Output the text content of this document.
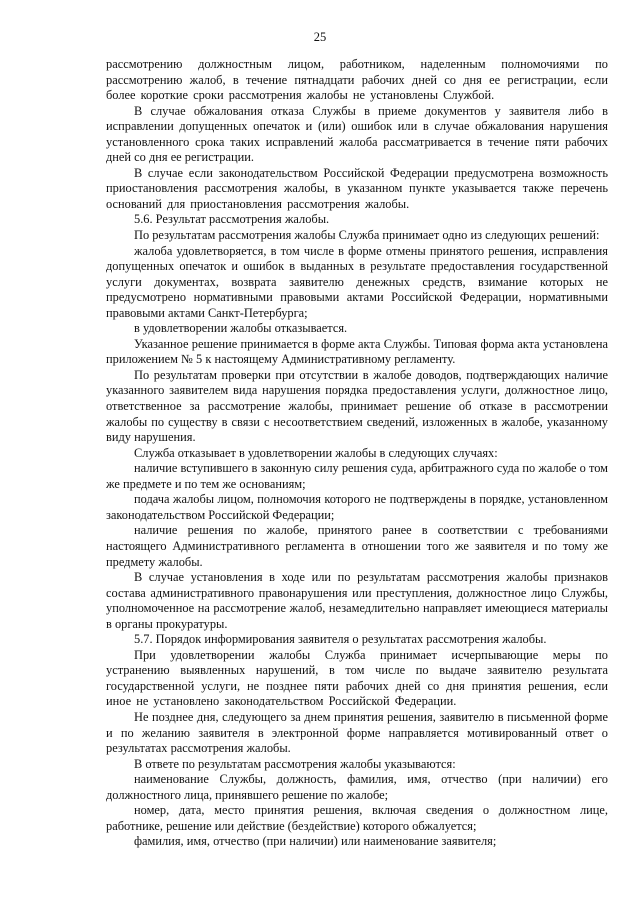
25

рассмотрению должностным лицом, работником, наделенным полномочиями по рассмотрению жалоб, в течение пятнадцати рабочих дней со дня ее регистрации, если более короткие сроки рассмотрения жалобы не установлены Службой.

В случае обжалования отказа Службы в приеме документов у заявителя либо в исправлении допущенных опечаток и (или) ошибок или в случае обжалования нарушения установленного срока таких исправлений жалоба рассматривается в течение пяти рабочих дней со дня ее регистрации.

В случае если законодательством Российской Федерации предусмотрена возможность приостановления рассмотрения жалобы, в указанном пункте указывается также перечень оснований для приостановления рассмотрения жалобы.

5.6. Результат рассмотрения жалобы.

По результатам рассмотрения жалобы Служба принимает одно из следующих решений:

жалоба удовлетворяется, в том числе в форме отмены принятого решения, исправления допущенных опечаток и ошибок в выданных в результате предоставления государственной услуги документах, возврата заявителю денежных средств, взимание которых не предусмотрено нормативными правовыми актами Российской Федерации, нормативными правовыми актами Санкт-Петербурга;

в удовлетворении жалобы отказывается.

Указанное решение принимается в форме акта Службы. Типовая форма акта установлена приложением № 5 к настоящему Административному регламенту.

По результатам проверки при отсутствии в жалобе доводов, подтверждающих наличие указанного заявителем вида нарушения порядка предоставления услуги, должностное лицо, ответственное за рассмотрение жалобы, принимает решение об отказе в рассмотрении жалобы по существу в связи с несоответствием сведений, изложенных в жалобе, указанному виду нарушения.

Служба отказывает в удовлетворении жалобы в следующих случаях:

наличие вступившего в законную силу решения суда, арбитражного суда по жалобе о том же предмете и по тем же основаниям;

подача жалобы лицом, полномочия которого не подтверждены в порядке, установленном законодательством Российской Федерации;

наличие решения по жалобе, принятого ранее в соответствии с требованиями настоящего Административного регламента в отношении того же заявителя и по тому же предмету жалобы.

В случае установления в ходе или по результатам рассмотрения жалобы признаков состава административного правонарушения или преступления, должностное лицо Службы, уполномоченное на рассмотрение жалоб, незамедлительно направляет имеющиеся материалы в органы прокуратуры.

5.7. Порядок информирования заявителя о результатах рассмотрения жалобы.

При удовлетворении жалобы Служба принимает исчерпывающие меры по устранению выявленных нарушений, в том числе по выдаче заявителю результата государственной услуги, не позднее пяти рабочих дней со дня принятия решения, если иное не установлено законодательством Российской Федерации.

Не позднее дня, следующего за днем принятия решения, заявителю в письменной форме и по желанию заявителя в электронной форме направляется мотивированный ответ о результатах рассмотрения жалобы.

В ответе по результатам рассмотрения жалобы указываются:

наименование Службы, должность, фамилия, имя, отчество (при наличии) его должностного лица, принявшего решение по жалобе;

номер, дата, место принятия решения, включая сведения о должностном лице, работнике, решение или действие (бездействие) которого обжалуется;

фамилия, имя, отчество (при наличии) или наименование заявителя;
